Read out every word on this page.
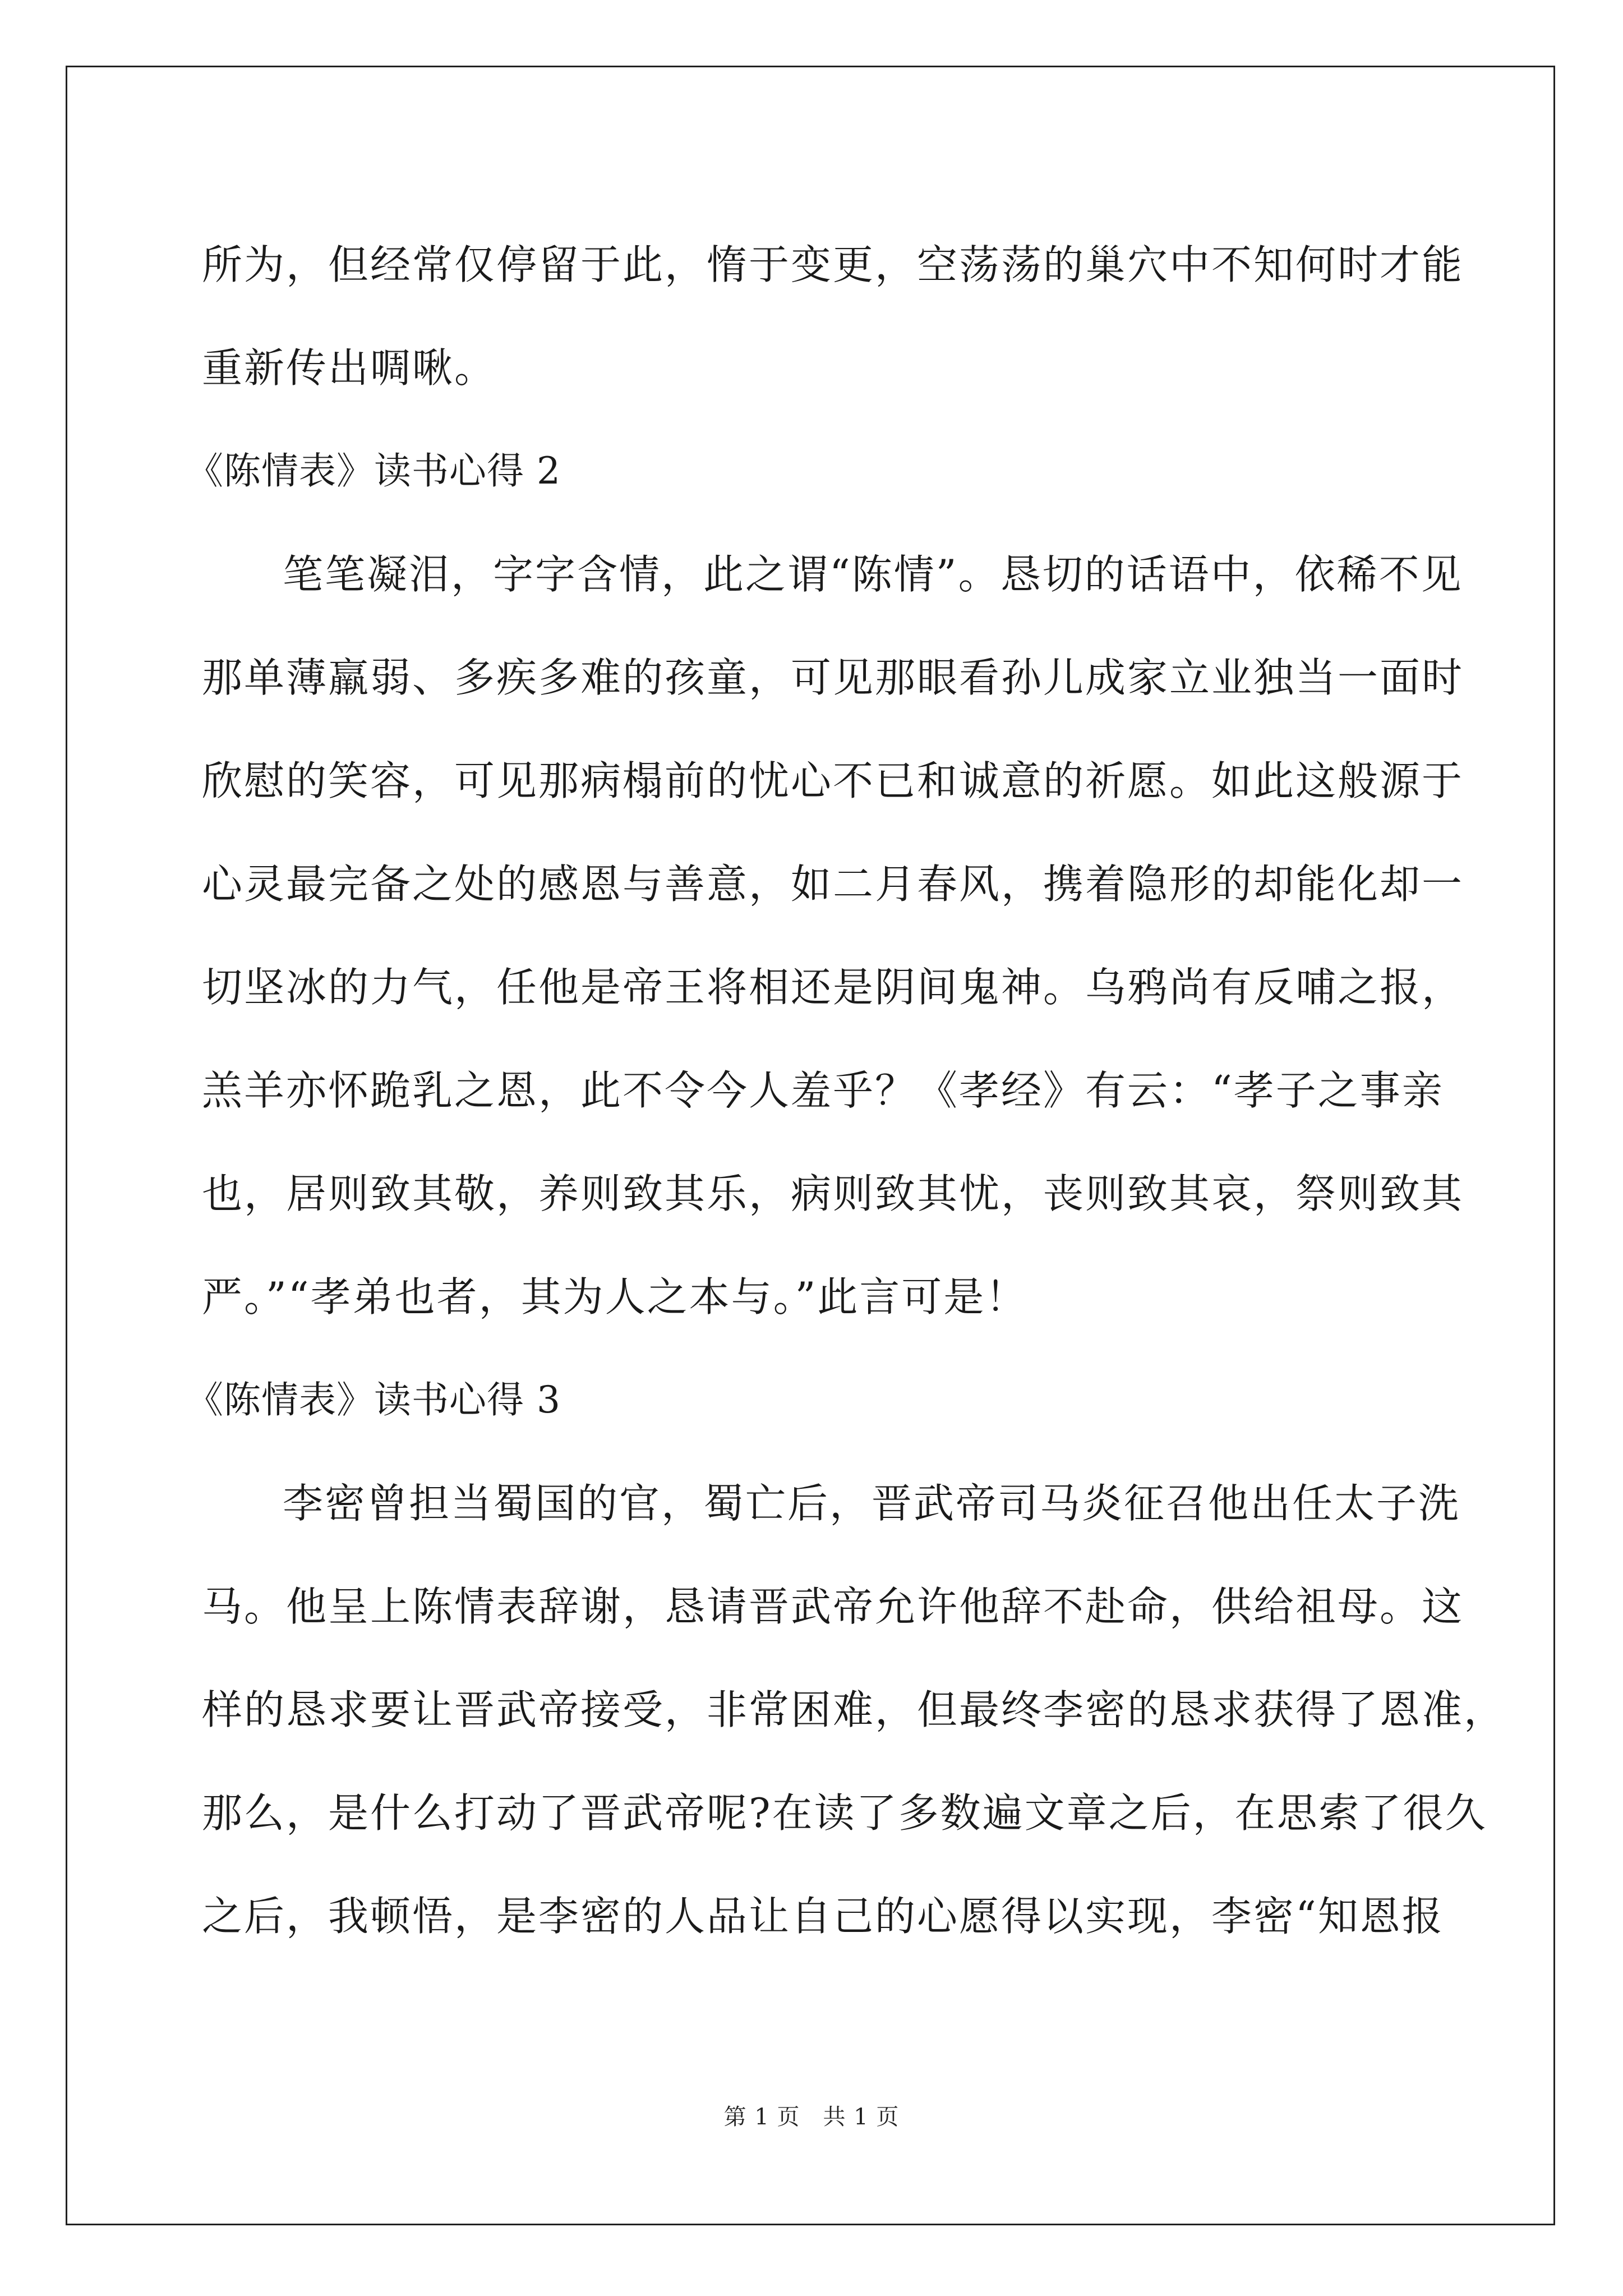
所为，但经常仅停留于此，惰于变更，空荡荡的巢穴中不知何时才能
重新传出啁啾。
《陈情表》读书心得 2
笔笔凝泪，字字含情，此之谓“陈情”。恳切的话语中，依稀不见
那单薄羸弱、多疾多难的孩童，可见那眼看孙儿成家立业独当一面时
欣慰的笑容，可见那病榻前的忧心不已和诚意的祈愿。如此这般源于
心灵最完备之处的感恩与善意，如二月春风，携着隐形的却能化却一
切坚冰的力气，任他是帝王将相还是阴间鬼神。乌鸦尚有反哺之报，
羔羊亦怀跪乳之恩，此不令今人羞乎？《孝经》有云：“孝子之事亲
也，居则致其敬，养则致其乐，病则致其忧，丧则致其哀，祭则致其
严。”“孝弟也者，其为人之本与。”此言可是！
《陈情表》读书心得 3
李密曾担当蜀国的官，蜀亡后，晋武帝司马炎征召他出任太子洗
马。他呈上陈情表辞谢，恳请晋武帝允许他辞不赴命，供给祖母。这
样的恳求要让晋武帝接受，非常困难，但最终李密的恳求获得了恩准，
那么，是什么打动了晋武帝呢?在读了多数遍文章之后，在思索了很久
之后，我顿悟，是李密的人品让自己的心愿得以实现，李密“知恩报
第 1 页　共 1 页
